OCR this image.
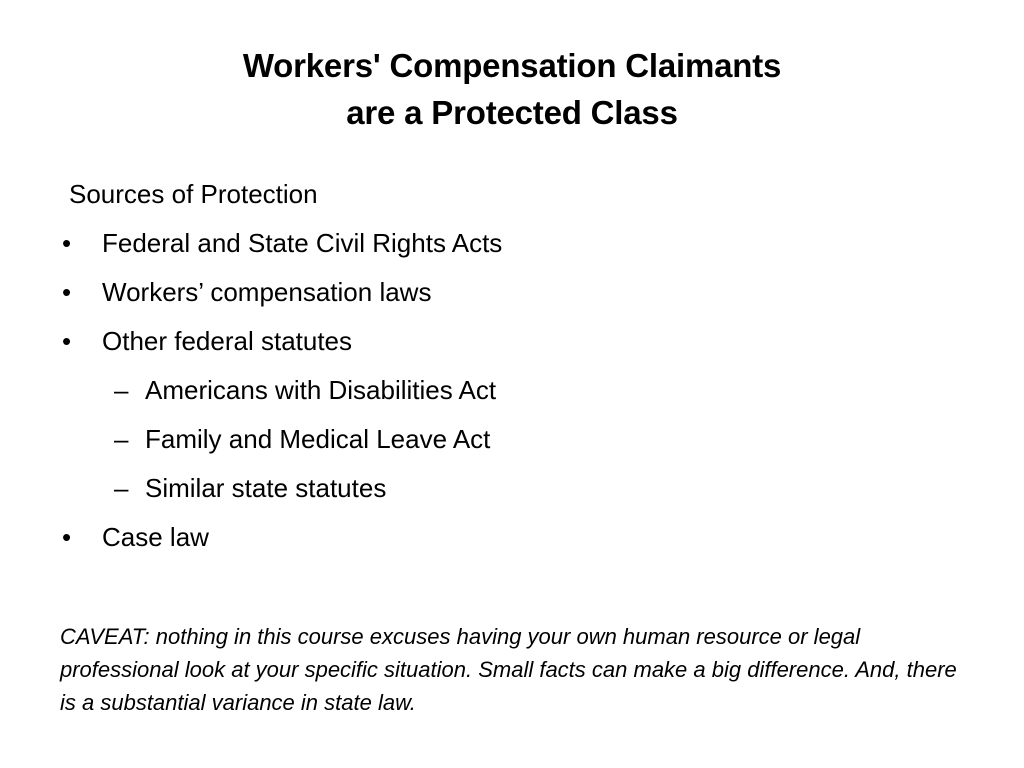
Workers' Compensation Claimants
are a Protected Class
Sources of Protection
•	Federal and State Civil Rights Acts
•	Workers’ compensation laws
•	Other federal statutes
– Americans with Disabilities Act
– Family and Medical Leave Act
– Similar state statutes
•	Case law
CAVEAT: nothing in this course excuses having your own human resource or legal professional look at your specific situation. Small facts can make a big difference. And, there is a substantial variance in state law.
